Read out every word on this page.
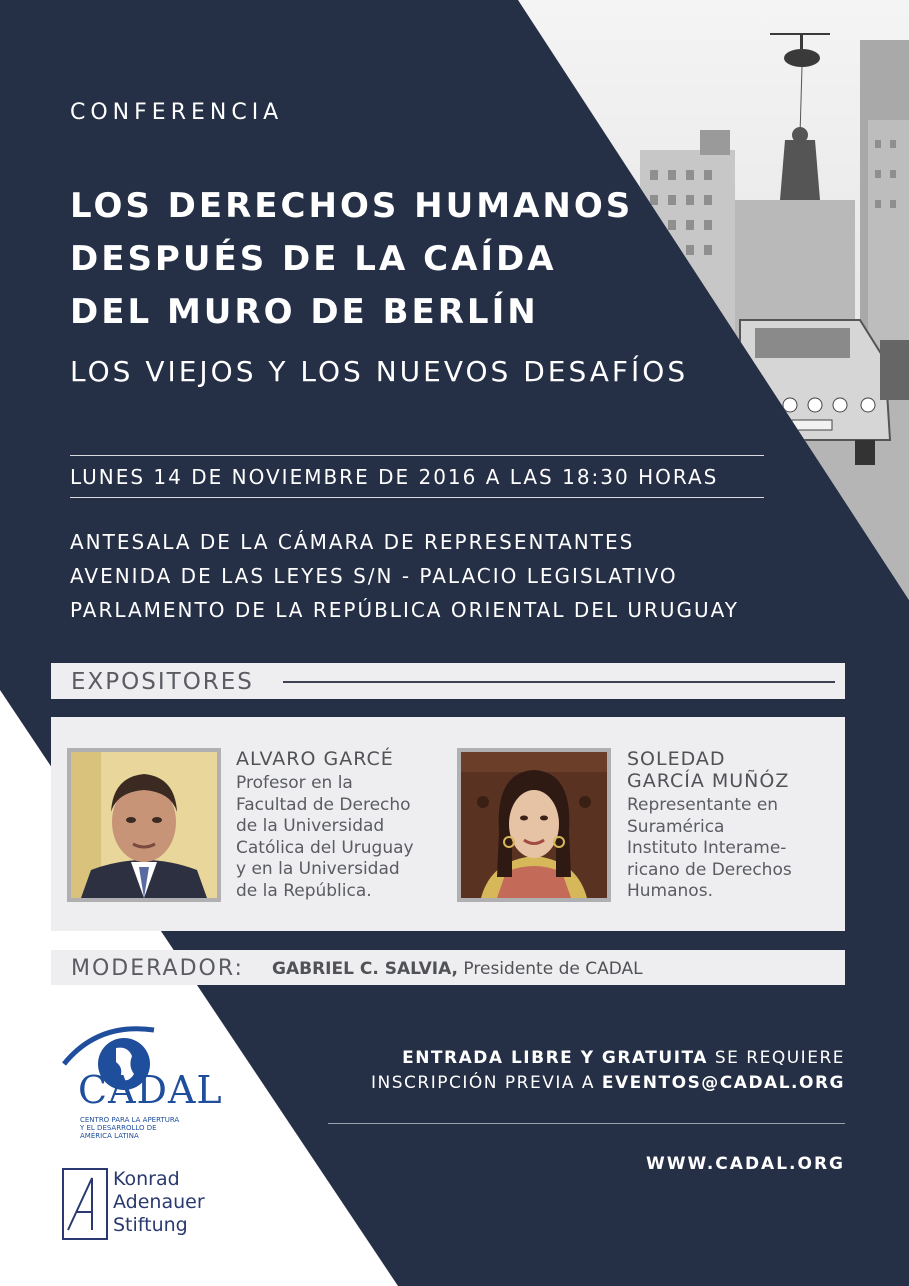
CONFERENCIA
LOS DERECHOS HUMANOS
DESPUÉS DE LA CAÍDA
DEL MURO DE BERLÍN
LOS VIEJOS Y LOS NUEVOS DESAFÍOS
LUNES 14 DE NOVIEMBRE DE 2016 A LAS 18:30 HORAS
ANTESALA DE LA CÁMARA DE REPRESENTANTES
AVENIDA DE LAS LEYES S/N - PALACIO LEGISLATIVO
PARLAMENTO DE LA REPÚBLICA ORIENTAL DEL URUGUAY
EXPOSITORES
ALVARO GARCÉ
Profesor en la
Facultad de Derecho
de la Universidad
Católica del Uruguay
y en la Universidad
de la República.
SOLEDAD
GARCÍA MUÑÓZ
Representante en
Suramérica
Instituto Interame-
ricano de Derechos
Humanos.
MODERADOR: GABRIEL C. SALVIA, Presidente de CADAL
ENTRADA LIBRE Y GRATUITA SE REQUIERE
INSCRIPCIÓN PREVIA A EVENTOS@CADAL.ORG
WWW.CADAL.ORG
CADAL
CENTRO PARA LA APERTURA
Y EL DESARROLLO DE
AMÉRICA LATINA
Konrad
Adenauer
Stiftung
